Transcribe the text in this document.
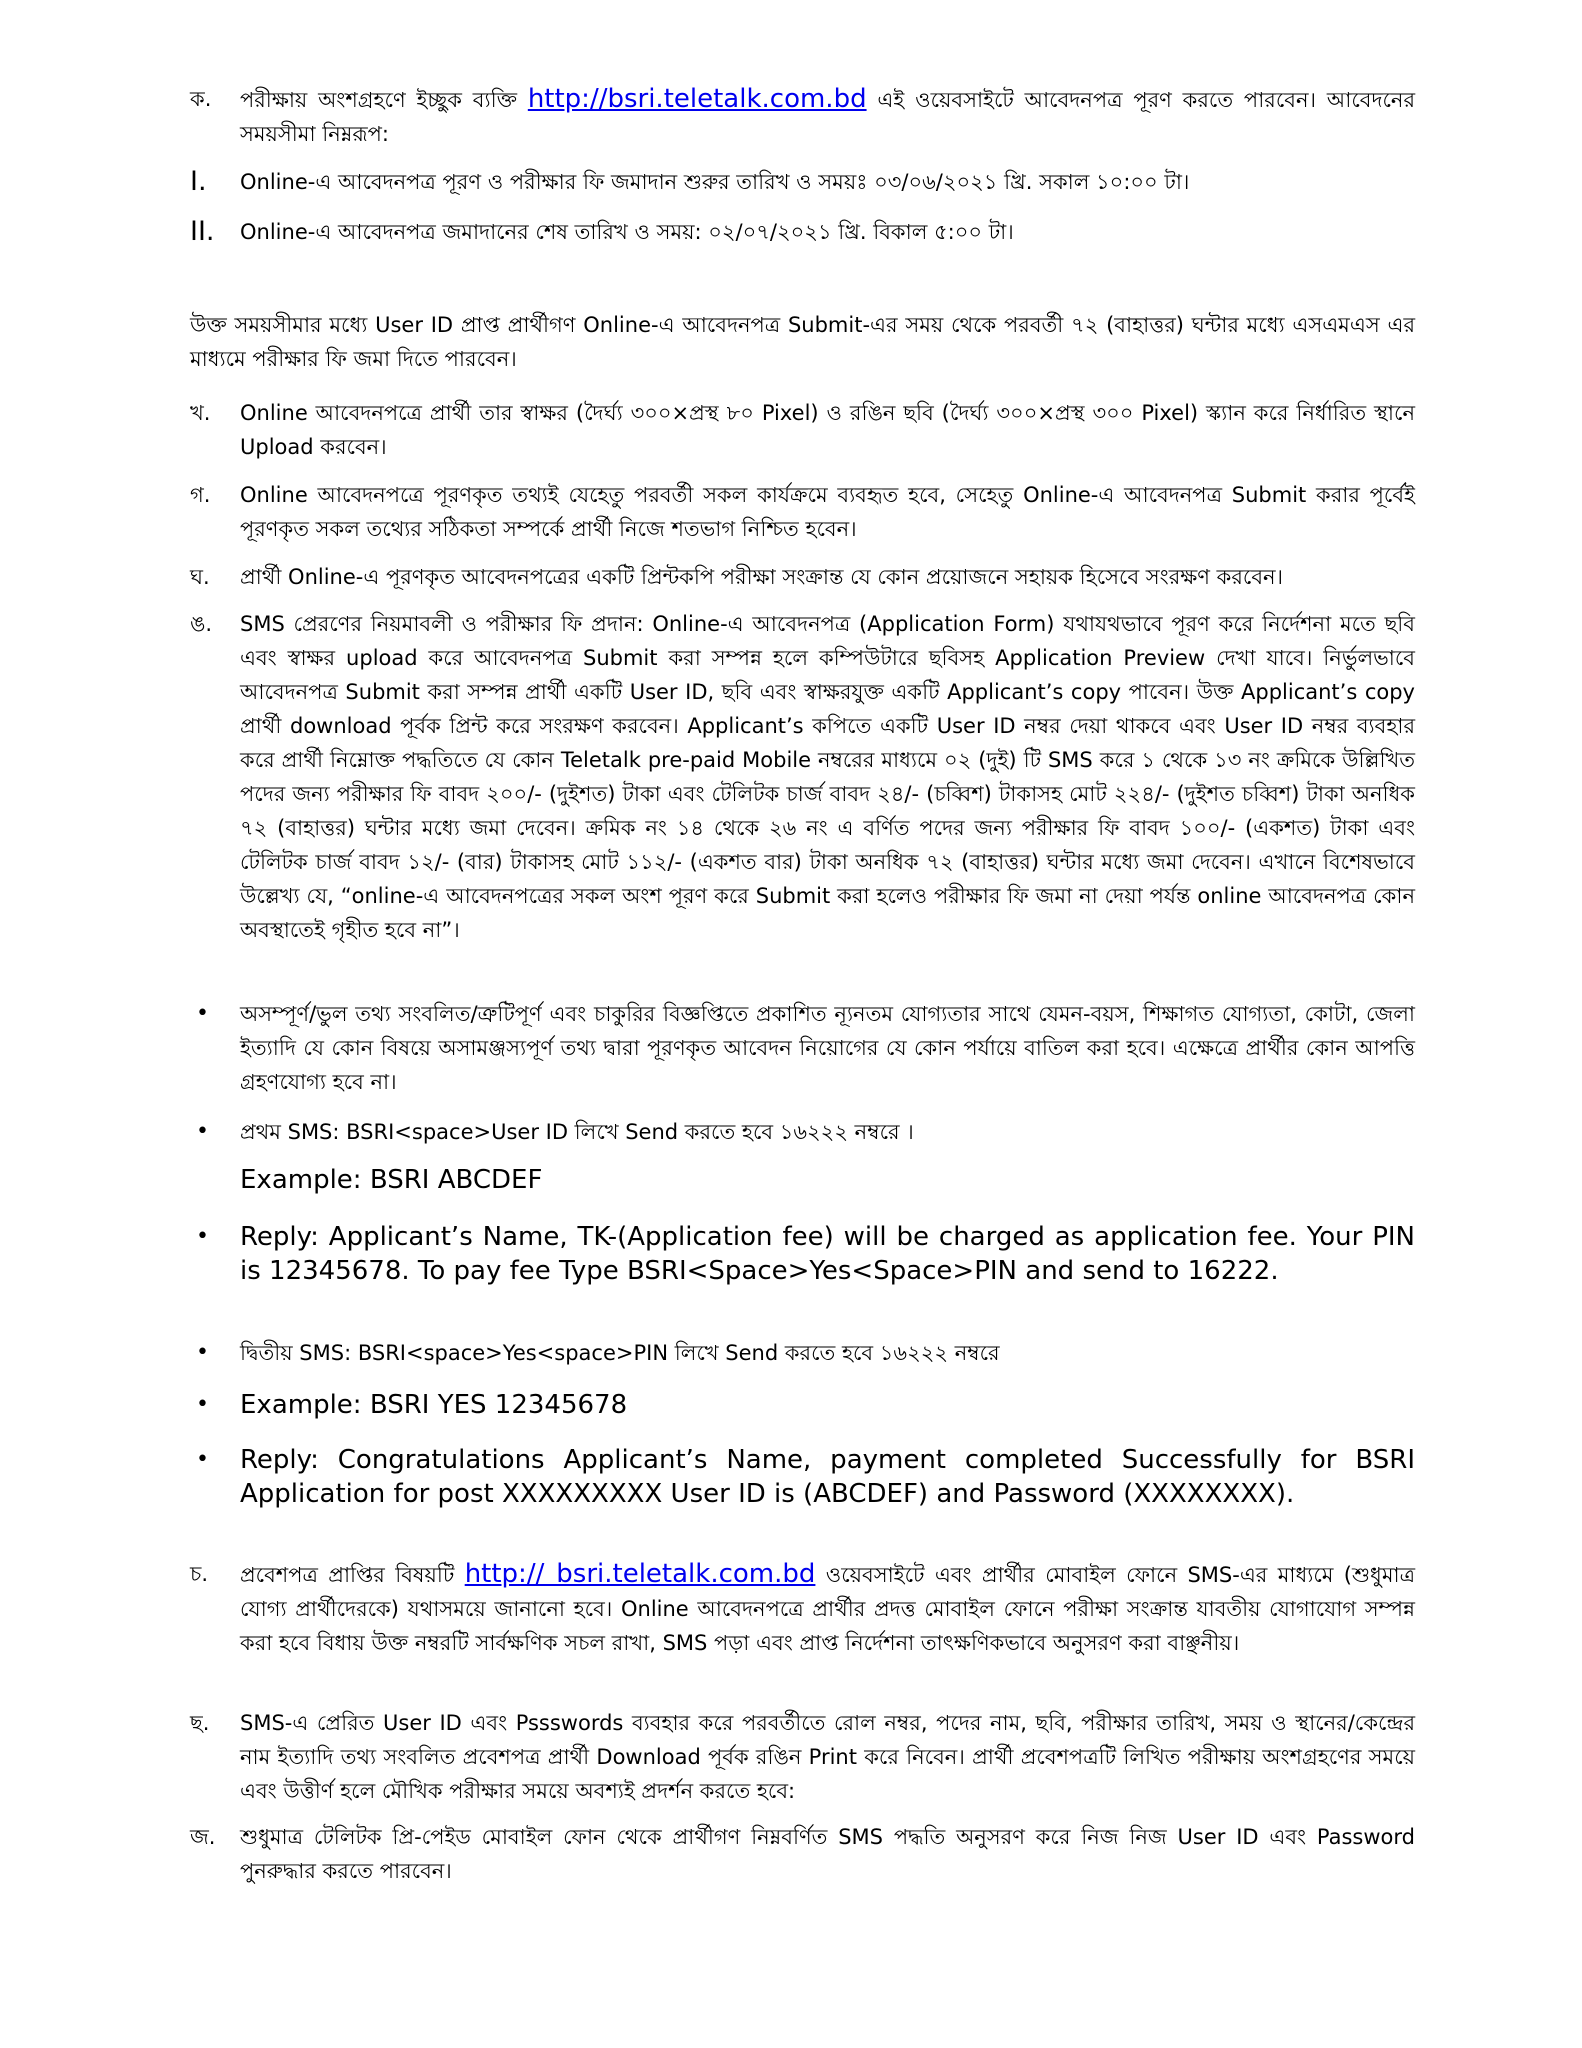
ক.	পরীক্ষায় অংশগ্রহণে ইচ্ছুক ব্যক্তি http://bsri.teletalk.com.bd এই ওয়েবসাইটে আবেদনপত্র পূরণ করতে পারবেন। আবেদনের সময়সীমা নিম্নরূপ:
I.	Online-এ আবেদনপত্র পূরণ ও পরীক্ষার ফি জমাদান শুরুর তারিখ ও সময়ঃ ০৩/০৬/২০২১ খ্রি. সকাল ১০:০০ টা।
II.	Online-এ আবেদনপত্র জমাদানের শেষ তারিখ ও সময়: ০২/০৭/২০২১ খ্রি. বিকাল ৫:০০ টা।
উক্ত সময়সীমার মধ্যে User ID প্রাপ্ত প্রার্থীগণ Online-এ আবেদনপত্র Submit-এর সময় থেকে পরবর্তী ৭২ (বাহাত্তর) ঘন্টার মধ্যে এসএমএস এর মাধ্যমে পরীক্ষার ফি জমা দিতে পারবেন।
খ.	Online আবেদনপত্রে প্রার্থী তার স্বাক্ষর (দৈর্ঘ্য ৩০০×প্রস্থ ৮০ Pixel) ও রঙিন ছবি (দৈর্ঘ্য ৩০০×প্রস্থ ৩০০ Pixel) স্ক্যান করে নির্ধারিত স্থানে Upload করবেন।
গ.	Online আবেদনপত্রে পূরণকৃত তথ্যই যেহেতু পরবর্তী সকল কার্যক্রমে ব্যবহৃত হবে, সেহেতু Online-এ আবেদনপত্র Submit করার পূর্বেই পূরণকৃত সকল তথ্যের সঠিকতা সম্পর্কে প্রার্থী নিজে শতভাগ নিশ্চিত হবেন।
ঘ.	প্রার্থী Online-এ পূরণকৃত আবেদনপত্রের একটি প্রিন্টকপি পরীক্ষা সংক্রান্ত যে কোন প্রয়োজনে সহায়ক হিসেবে সংরক্ষণ করবেন।
ঙ.	SMS প্রেরণের নিয়মাবলী ও পরীক্ষার ফি প্রদান: Online-এ আবেদনপত্র (Application Form) যথাযথভাবে পূরণ করে নির্দেশনা মতে ছবি এবং স্বাক্ষর upload করে আবেদনপত্র Submit করা সম্পন্ন হলে কম্পিউটারে ছবিসহ Application Preview দেখা যাবে। নির্ভুলভাবে আবেদনপত্র Submit করা সম্পন্ন প্রার্থী একটি User ID, ছবি এবং স্বাক্ষরযুক্ত একটি Applicant’s copy পাবেন। উক্ত Applicant’s copy প্রার্থী download পূর্বক প্রিন্ট করে সংরক্ষণ করবেন। Applicant’s কপিতে একটি User ID নম্বর দেয়া থাকবে এবং User ID নম্বর ব্যবহার করে প্রার্থী নিম্নোক্ত পদ্ধতিতে যে কোন Teletalk pre-paid Mobile নম্বরের মাধ্যমে ০২ (দুই) টি SMS করে ১ থেকে ১৩ নং ক্রমিকে উল্লিখিত পদের জন্য পরীক্ষার ফি বাবদ ২০০/- (দুইশত) টাকা এবং টেলিটক চার্জ বাবদ ২৪/- (চব্বিশ) টাকাসহ মোট ২২৪/- (দুইশত চব্বিশ) টাকা অনধিক ৭২ (বাহাত্তর) ঘন্টার মধ্যে জমা দেবেন। ক্রমিক নং ১৪ থেকে ২৬ নং এ বর্ণিত পদের জন্য পরীক্ষার ফি বাবদ ১০০/- (একশত) টাকা এবং টেলিটক চার্জ বাবদ ১২/- (বার) টাকাসহ মোট ১১২/- (একশত বার) টাকা অনধিক ৭২ (বাহাত্তর) ঘন্টার মধ্যে জমা দেবেন। এখানে বিশেষভাবে উল্লেখ্য যে, “online-এ আবেদনপত্রের সকল অংশ পূরণ করে Submit করা হলেও পরীক্ষার ফি জমা না দেয়া পর্যন্ত online আবেদনপত্র কোন অবস্থাতেই গৃহীত হবে না”।
•	অসম্পূর্ণ/ভুল তথ্য সংবলিত/ত্রুটিপূর্ণ এবং চাকুরির বিজ্ঞপ্তিতে প্রকাশিত ন্যূনতম যোগ্যতার সাথে যেমন-বয়স, শিক্ষাগত যোগ্যতা, কোটা, জেলা ইত্যাদি যে কোন বিষয়ে অসামঞ্জস্যপূর্ণ তথ্য দ্বারা পূরণকৃত আবেদন নিয়োগের যে কোন পর্যায়ে বাতিল করা হবে। এক্ষেত্রে প্রার্থীর কোন আপত্তি গ্রহণযোগ্য হবে না।
•	প্রথম SMS: BSRI<space>User ID লিখে Send করতে হবে ১৬২২২ নম্বরে ।
Example: BSRI ABCDEF
•	Reply: Applicant’s Name, TK-(Application fee) will be charged as application fee. Your PIN is 12345678. To pay fee Type BSRI<Space>Yes<Space>PIN and send to 16222.
•	দ্বিতীয় SMS: BSRI<space>Yes<space>PIN লিখে Send করতে হবে ১৬২২২ নম্বরে
•	Example: BSRI YES 12345678
•	Reply: Congratulations Applicant’s Name, payment completed Successfully for BSRI Application for post XXXXXXXXX User ID is (ABCDEF) and Password (XXXXXXXX).
চ.	প্রবেশপত্র প্রাপ্তির বিষয়টি http:// bsri.teletalk.com.bd ওয়েবসাইটে এবং প্রার্থীর মোবাইল ফোনে SMS-এর মাধ্যমে (শুধুমাত্র যোগ্য প্রার্থীদেরকে) যথাসময়ে জানানো হবে। Online আবেদনপত্রে প্রার্থীর প্রদত্ত মোবাইল ফোনে পরীক্ষা সংক্রান্ত যাবতীয় যোগাযোগ সম্পন্ন করা হবে বিধায় উক্ত নম্বরটি সার্বক্ষণিক সচল রাখা, SMS পড়া এবং প্রাপ্ত নির্দেশনা তাৎক্ষণিকভাবে অনুসরণ করা বাঞ্ছনীয়।
ছ.	SMS-এ প্রেরিত User ID এবং Pssswords ব্যবহার করে পরবর্তীতে রোল নম্বর, পদের নাম, ছবি, পরীক্ষার তারিখ, সময় ও স্থানের/কেন্দ্রের নাম ইত্যাদি তথ্য সংবলিত প্রবেশপত্র প্রার্থী Download পূর্বক রঙিন Print করে নিবেন। প্রার্থী প্রবেশপত্রটি লিখিত পরীক্ষায় অংশগ্রহণের সময়ে এবং উত্তীর্ণ হলে মৌখিক পরীক্ষার সময়ে অবশ্যই প্রদর্শন করতে হবে:
জ.	শুধুমাত্র টেলিটক প্রি-পেইড মোবাইল ফোন থেকে প্রার্থীগণ নিম্নবর্ণিত SMS পদ্ধতি অনুসরণ করে নিজ নিজ User ID এবং Password পুনরুদ্ধার করতে পারবেন।
